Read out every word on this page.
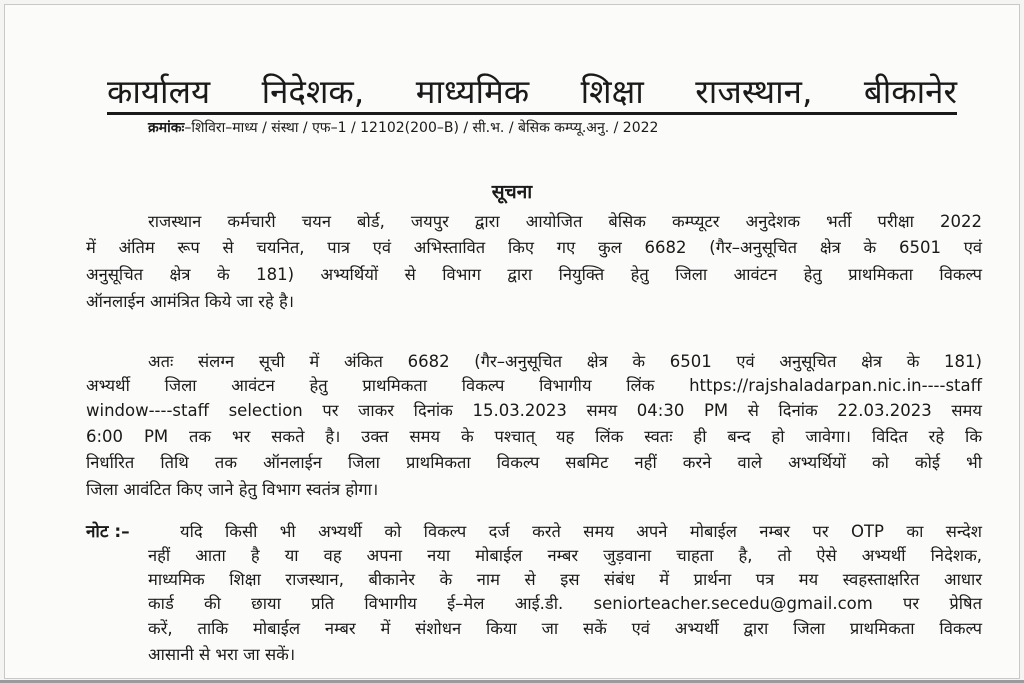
कार्यालय निदेशक, माध्यमिक शिक्षा राजस्थान, बीकानेर
क्रमांकः–शिविरा–माध्य / संस्था / एफ–1 / 12102(200–B) / सी.भ. / बेसिक कम्प्यू.अनु. / 2022
सूचना
राजस्थान कर्मचारी चयन बोर्ड, जयपुर द्वारा आयोजित बेसिक कम्प्यूटर अनुदेशक भर्ती परीक्षा 2022
में अंतिम रूप से चयनित, पात्र एवं अभिस्तावित किए गए कुल 6682 (गैर–अनुसूचित क्षेत्र के 6501 एवं
अनुसूचित क्षेत्र के 181) अभ्यर्थियों से विभाग द्वारा नियुक्ति हेतु जिला आवंटन हेतु प्राथमिकता विकल्प
ऑनलाईन आमंत्रित किये जा रहे है।
अतः संलग्न सूची में अंकित 6682 (गैर–अनुसूचित क्षेत्र के 6501 एवं अनुसूचित क्षेत्र के 181)
अभ्यर्थी जिला आवंटन हेतु प्राथमिकता विकल्प विभागीय लिंक https://rajshaladarpan.nic.in----staff
window----staff selection पर जाकर दिनांक 15.03.2023 समय 04:30 PM से दिनांक 22.03.2023 समय
6:00 PM तक भर सकते है। उक्त समय के पश्चात् यह लिंक स्वतः ही बन्द हो जावेगा। विदित रहे कि
निर्धारित तिथि तक ऑनलाईन जिला प्राथमिकता विकल्प सबमिट नहीं करने वाले अभ्यर्थियों को कोई भी
जिला आवंटित किए जाने हेतु विभाग स्वतंत्र होगा।
नोट :–	यदि किसी भी अभ्यर्थी को विकल्प दर्ज करते समय अपने मोबाईल नम्बर पर OTP का सन्देश
नहीं आता है या वह अपना नया मोबाईल नम्बर जुड़वाना चाहता है, तो ऐसे अभ्यर्थी निदेशक,
माध्यमिक शिक्षा राजस्थान, बीकानेर के नाम से इस संबंध में प्रार्थना पत्र मय स्वहस्ताक्षरित आधार
कार्ड की छाया प्रति विभागीय ई–मेल आई.डी. seniorteacher.secedu@gmail.com पर प्रेषित
करें, ताकि मोबाईल नम्बर में संशोधन किया जा सकें एवं अभ्यर्थी द्वारा जिला प्राथमिकता विकल्प
आसानी से भरा जा सकें।
